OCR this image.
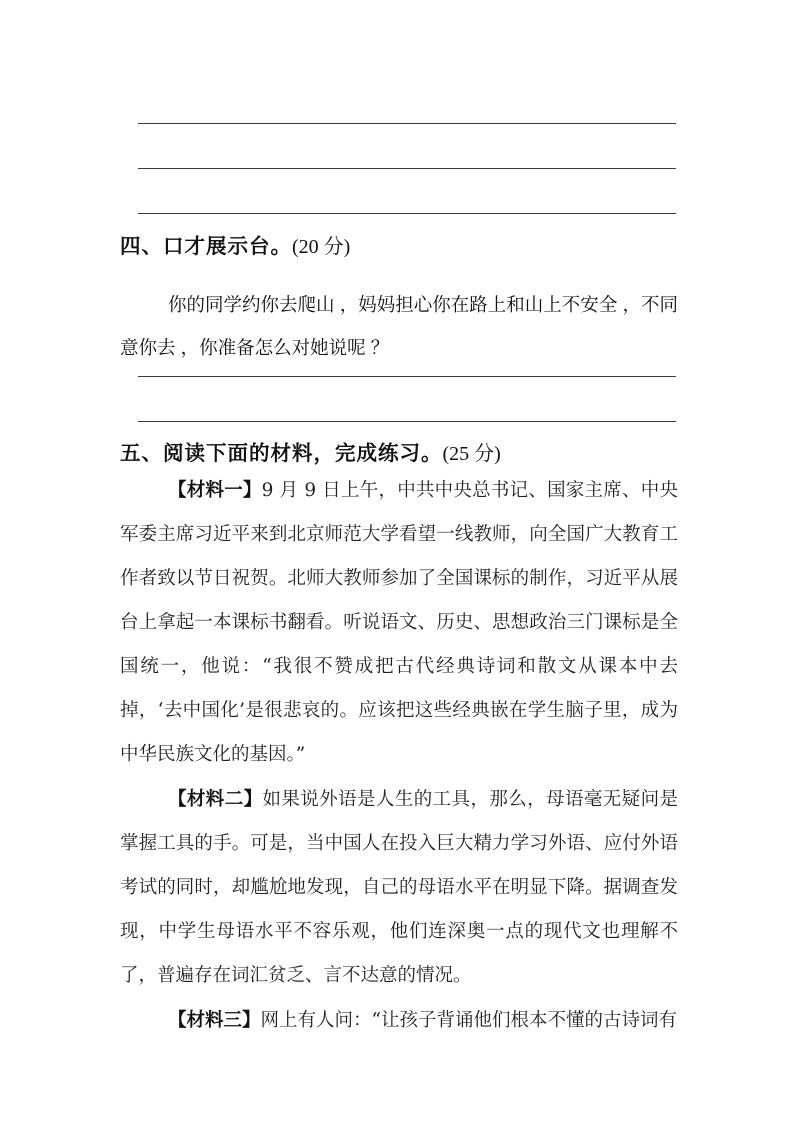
四、口才展示台。(20 分)

你的同学约你去爬山 ，妈妈担心你在路上和山上不安全 ，不同意你去 ，你准备怎么对她说呢 ？

五、阅读下面的材料，完成练习。(25 分)

【材料一】9 月 9 日上午，中共中央总书记、国家主席、中央军委主席习近平来到北京师范大学看望一线教师，向全国广大教育工作者致以节日祝贺。北师大教师参加了全国课标的制作，习近平从展台上拿起一本课标书翻看。听说语文、历史、思想政治三门课标是全国统一，他说：“我很不赞成把古代经典诗词和散文从课本中去掉，‘去中国化’是很悲哀的。应该把这些经典嵌在学生脑子里，成为中华民族文化的基因。”

【材料二】如果说外语是人生的工具，那么，母语毫无疑问是掌握工具的手。可是，当中国人在投入巨大精力学习外语、应付外语考试的同时，却尴尬地发现，自己的母语水平在明显下降。据调查发现，中学生母语水平不容乐观，他们连深奥一点的现代文也理解不了，普遍存在词汇贫乏、言不达意的情况。

【材料三】网上有人问：“让孩子背诵他们根本不懂的古诗词有
